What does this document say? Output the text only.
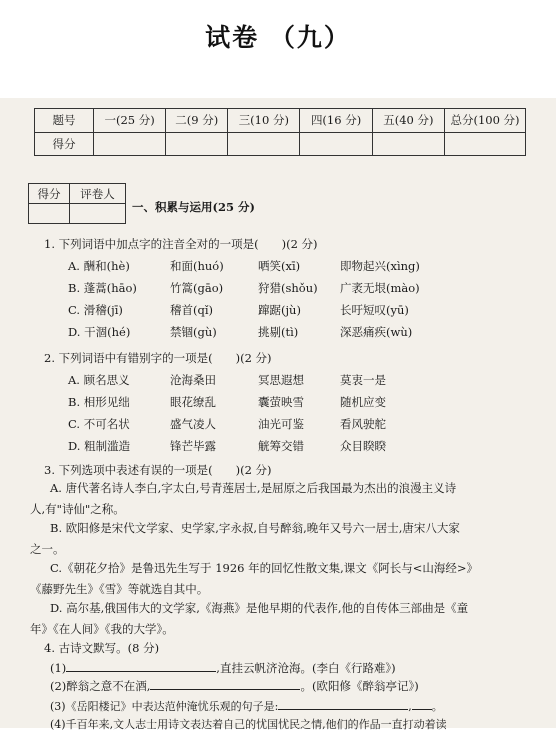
试卷 （九）
题号	一(25 分)	二(9 分)	三(10 分)	四(16 分)	五(40 分)	总分(100 分)
得分						
得分	评卷人

一、积累与运用(25 分)
1. 下列词语中加点字的注音全对的一项是(　　)(2 分)
A. 酬和(hè)	和面(huó)	哂笑(xī)	即物起兴(xìng)
B. 蓬蒿(hāo)	竹篙(gāo)	狩猎(shǒu) 广袤无垠(mào)
C. 滑稽(jī)	稽首(qǐ)	蹿踞(jù)	长吁短叹(yū)
D. 干涸(hé)	禁锢(gù)	挑剔(tì)	深恶痛疾(wù)
2. 下列词语中有错别字的一项是(　　)(2 分)
A. 顾名思义	沧海桑田	冥思遐想	莫衷一是
B. 相形见绌	眼花缭乱	囊萤映雪	随机应变
C. 不可名状	盛气凌人	油光可鉴	看风驶舵
D. 粗制滥造	锋芒毕露	觥筹交错	众目睽睽
3. 下列选项中表述有误的一项是(　　)(2 分)
A. 唐代著名诗人李白,字太白,号青莲居士,是屈原之后我国最为杰出的浪漫主义诗
人,有"诗仙"之称。
B. 欧阳修是宋代文学家、史学家,字永叔,自号醉翁,晚年又号六一居士,唐宋八大家
之一。
C.《朝花夕拾》是鲁迅先生写于 1926 年的回忆性散文集,课文《阿长与<山海经>》
《藤野先生》《雪》等就选自其中。
D. 高尔基,俄国伟大的文学家,《海燕》是他早期的代表作,他的自传体三部曲是《童
年》《在人间》《我的大学》。
4. 古诗文默写。(8 分)
(1)	,直挂云帆济沧海。(李白《行路难》)
(2)醉翁之意不在酒,	。(欧阳修《醉翁亭记》)
(3)《岳阳楼记》中表达范仲淹忧乐观的句子是:	, 。
(4)千百年来,文人志士用诗文表达着自己的忧国忧民之情,他们的作品一直打动着读
